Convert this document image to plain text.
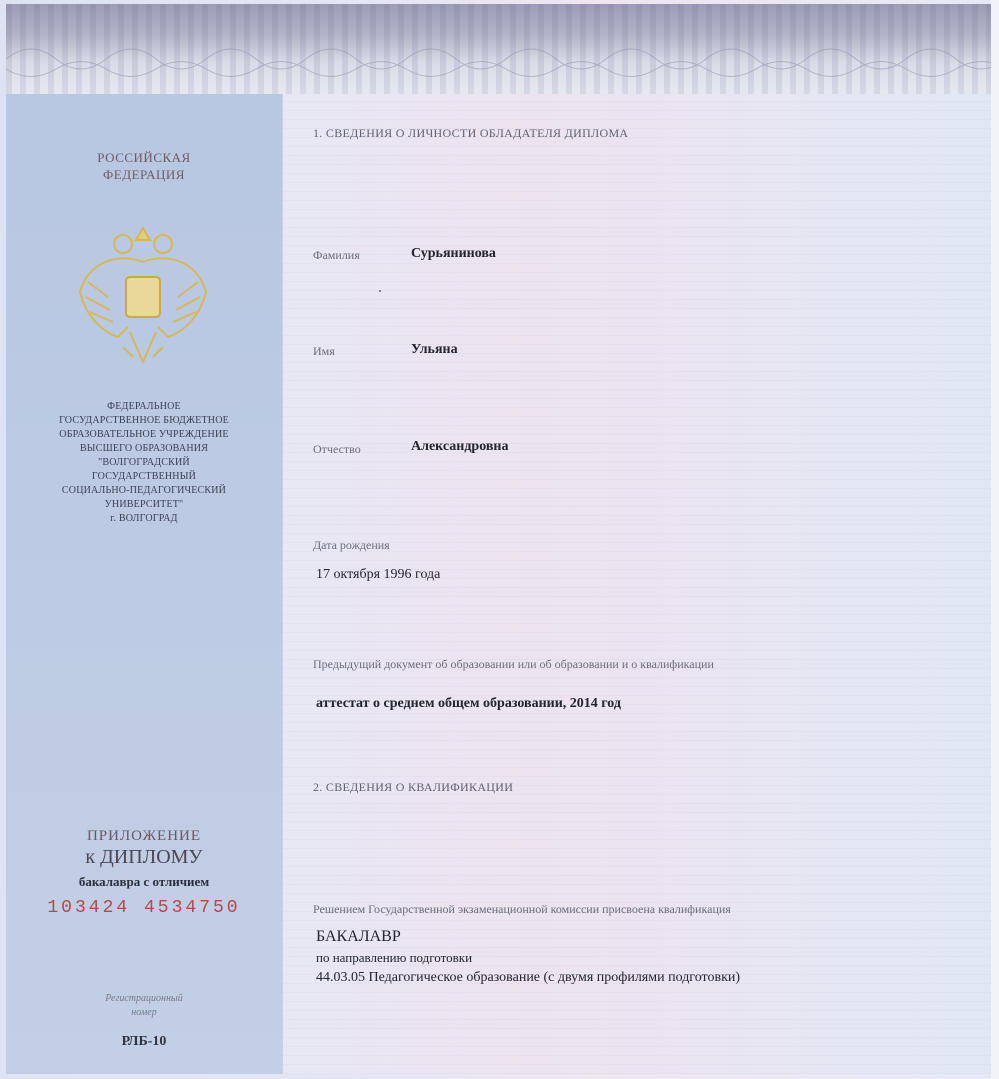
РОССИЙСКАЯ
ФЕДЕРАЦИЯ
ФЕДЕРАЛЬНОЕ
ГОСУДАРСТВЕННОЕ БЮДЖЕТНОЕ
ОБРАЗОВАТЕЛЬНОЕ УЧРЕЖДЕНИЕ
ВЫСШЕГО ОБРАЗОВАНИЯ
"ВОЛГОГРАДСКИЙ
ГОСУДАРСТВЕННЫЙ
СОЦИАЛЬНО-ПЕДАГОГИЧЕСКИЙ
УНИВЕРСИТЕТ"
г. ВОЛГОГРАД
ПРИЛОЖЕНИЕ
к ДИПЛОМУ
бакалавра с отличием
103424 4534750
Регистрационный
номер
РЛБ-10
1. СВЕДЕНИЯ О ЛИЧНОСТИ ОБЛАДАТЕЛЯ ДИПЛОМА
Фамилия	Сурьянинова
Имя	Ульяна
Отчество	Александровна
Дата рождения
17 октября 1996 года
Предыдущий документ об образовании или об образовании и о квалификации
аттестат о среднем общем образовании, 2014 год
2. СВЕДЕНИЯ О КВАЛИФИКАЦИИ
Решением Государственной экзаменационной комиссии присвоена квалификация
БАКАЛАВР
по направлению подготовки
44.03.05 Педагогическое образование (с двумя профилями подготовки)
